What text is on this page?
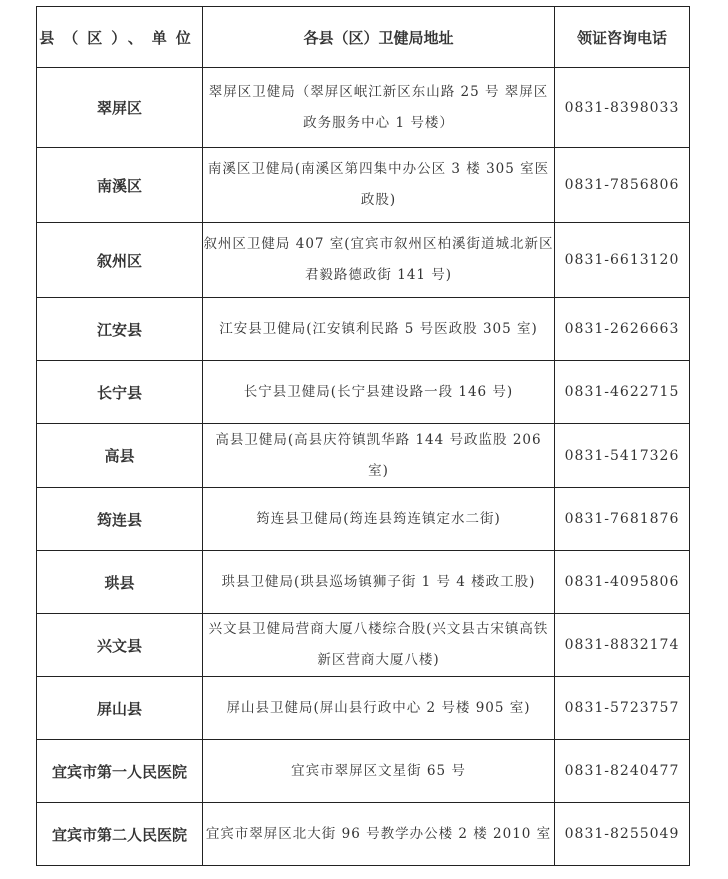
县（区）、单位	各县（区）卫健局地址	领证咨询电话
翠屏区	翠屏区卫健局（翠屏区岷江新区东山路 25 号 翠屏区政务服务中心 1 号楼）	0831-8398033
南溪区	南溪区卫健局(南溪区第四集中办公区 3 楼 305 室医政股)	0831-7856806
叙州区	叙州区卫健局 407 室(宜宾市叙州区柏溪街道城北新区君毅路德政街 141 号)	0831-6613120
江安县	江安县卫健局(江安镇利民路 5 号医政股 305 室)	0831-2626663
长宁县	长宁县卫健局(长宁县建设路一段 146 号)	0831-4622715
高县	高县卫健局(高县庆符镇凯华路 144 号政监股 206 室)	0831-5417326
筠连县	筠连县卫健局(筠连县筠连镇定水二街)	0831-7681876
珙县	珙县卫健局(珙县巡场镇狮子街 1 号 4 楼政工股)	0831-4095806
兴文县	兴文县卫健局营商大厦八楼综合股(兴文县古宋镇高铁新区营商大厦八楼)	0831-8832174
屏山县	屏山县卫健局(屏山县行政中心 2 号楼 905 室)	0831-5723757
宜宾市第一人民医院	宜宾市翠屏区文星街 65 号	0831-8240477
宜宾市第二人民医院	宜宾市翠屏区北大街 96 号教学办公楼 2 楼 2010 室	0831-8255049
